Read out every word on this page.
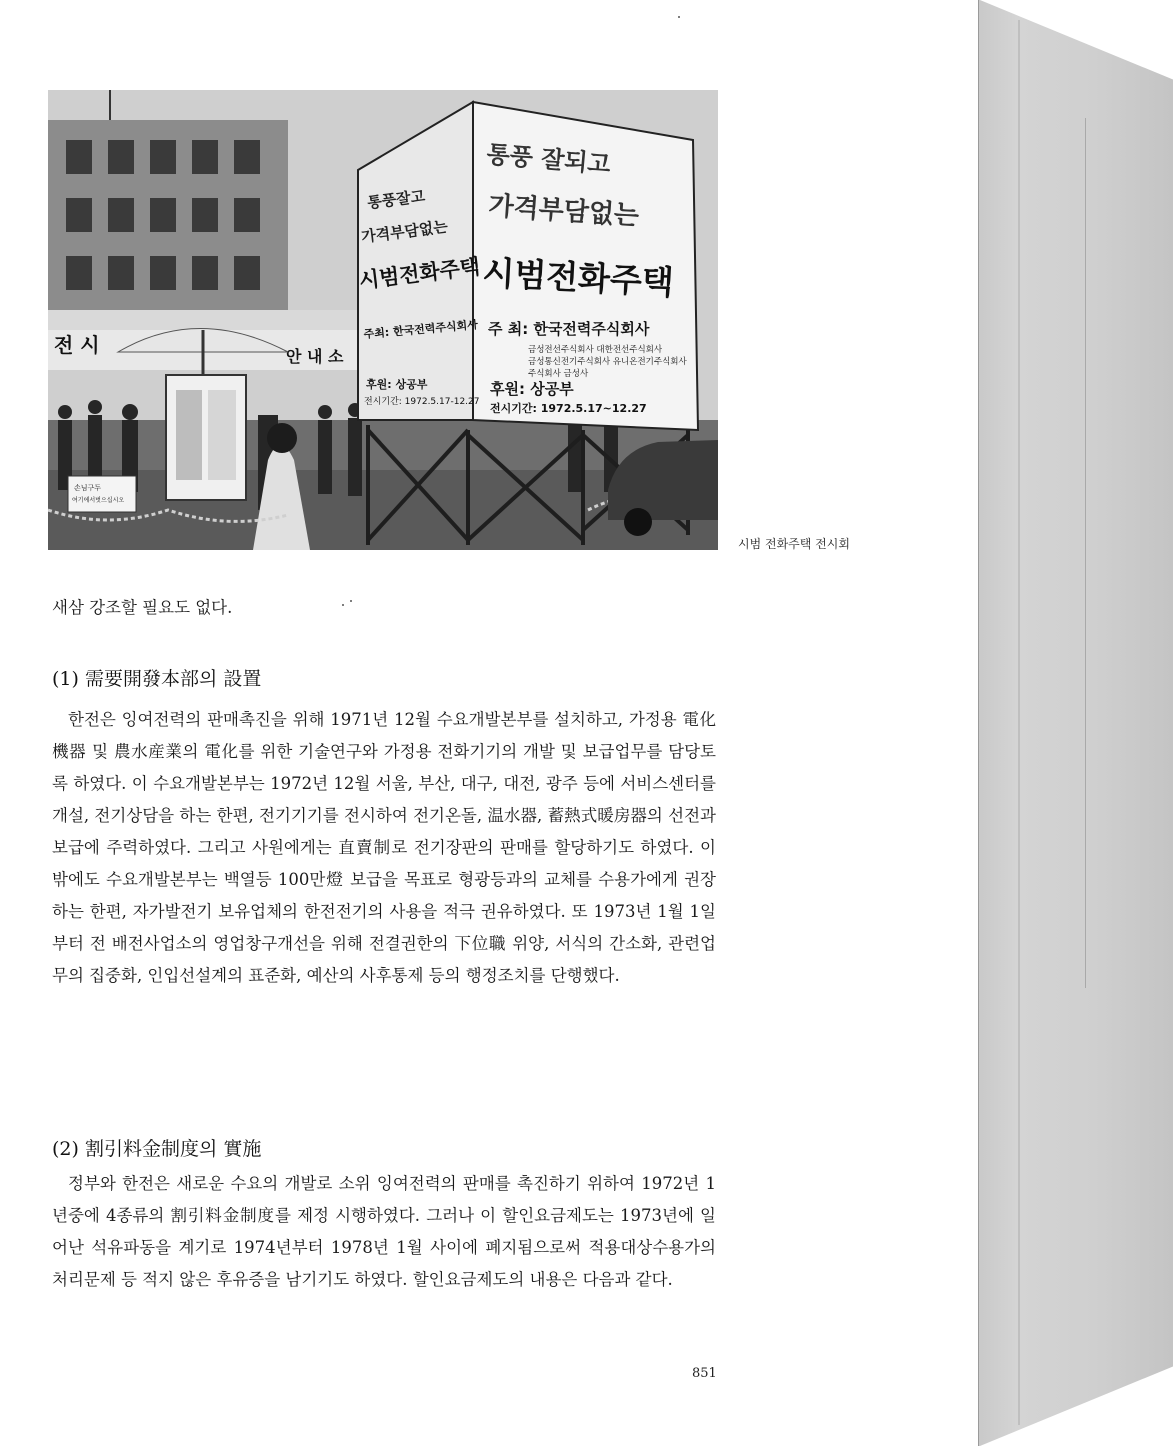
전 시	안 내 소
손님구두
여기에서벗으십시오
통풍잘고
가격부담없는
시범전화주택
주최: 한국전력주식회사
후원: 상공부
전시기간: 1972.5.17-12.27
통풍 잘되고
가격부담없는
시범전화주택
주 최: 한국전력주식회사
금성전선주식회사 대한전선주식회사
금성통신전기주식회사 유니온전기주식회사
주식회사 금성사
후원: 상공부
전시기간: 1972.5.17~12.27
시범 전화주택 전시회
새삼 강조할 필요도 없다.
(1) 需要開發本部의 設置
한전은 잉여전력의 판매촉진을 위해 1971년 12월 수요개발본부를 설치하고, 가정용 電化機器 및 農水産業의 電化를 위한 기술연구와 가정용 전화기기의 개발 및 보급업무를 담당토록 하였다. 이 수요개발본부는 1972년 12월 서울, 부산, 대구, 대전, 광주 등에 서비스센터를 개설, 전기상담을 하는 한편, 전기기기를 전시하여 전기온돌, 温水器, 蓄熱式暖房器의 선전과 보급에 주력하였다. 그리고 사원에게는 直賣制로 전기장판의 판매를 할당하기도 하였다. 이 밖에도 수요개발본부는 백열등 100만燈 보급을 목표로 형광등과의 교체를 수용가에게 권장하는 한편, 자가발전기 보유업체의 한전전기의 사용을 적극 권유하였다. 또 1973년 1월 1일부터 전 배전사업소의 영업창구개선을 위해 전결권한의 下位職 위양, 서식의 간소화, 관련업무의 집중화, 인입선설계의 표준화, 예산의 사후통제 등의 행정조치를 단행했다.
(2) 割引料金制度의 實施
정부와 한전은 새로운 수요의 개발로 소위 잉여전력의 판매를 촉진하기 위하여 1972년 1년중에 4종류의 割引料金制度를 제정 시행하였다. 그러나 이 할인요금제도는 1973년에 일어난 석유파동을 계기로 1974년부터 1978년 1월 사이에 폐지됨으로써 적용대상수용가의 처리문제 등 적지 않은 후유증을 남기기도 하였다. 할인요금제도의 내용은 다음과 같다.
851
